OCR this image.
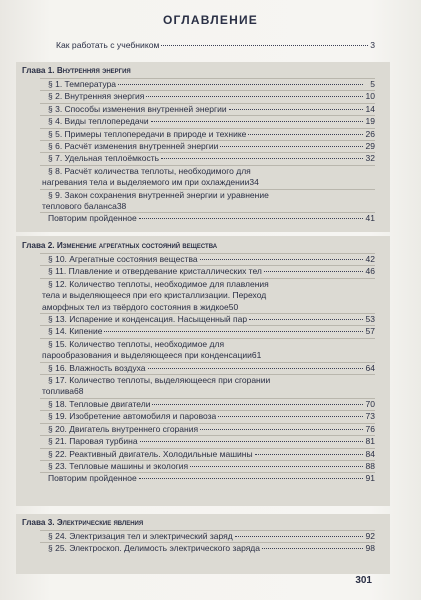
ОГЛАВЛЕНИЕ
Как работать с учебником	3
Глава 1. Внутренняя энергия
§ 1. Температура	5
§ 2. Внутренняя энергия	10
§ 3. Способы изменения внутренней энергии	14
§ 4. Виды теплопередачи	19
§ 5. Примеры теплопередачи в природе и технике	26
§ 6. Расчёт изменения внутренней энергии	29
§ 7. Удельная теплоёмкость	32
§ 8. Расчёт количества теплоты, необходимого для
нагревания тела и выделяемого им при охлаждении 34
§ 9. Закон сохранения внутренней энергии и уравнение
теплового баланса 38
Повторим пройденное	41
Глава 2. Изменение агрегатных состояний вещества
§ 10. Агрегатные состояния вещества	42
§ 11. Плавление и отвердевание кристаллических тел	46
§ 12. Количество теплоты, необходимое для плавления
тела и выделяющееся при его кристаллизации. Переход
аморфных тел из твёрдого состояния в жидкое 50
§ 13. Испарение и конденсация. Насыщенный пар	53
§ 14. Кипение	57
§ 15. Количество теплоты, необходимое для
парообразования и выделяющееся при конденсации 61
§ 16. Влажность воздуха	64
§ 17. Количество теплоты, выделяющееся при сгорании
топлива 68
§ 18. Тепловые двигатели	70
§ 19. Изобретение автомобиля и паровоза	73
§ 20. Двигатель внутреннего сгорания	76
§ 21. Паровая турбина	81
§ 22. Реактивный двигатель. Холодильные машины	84
§ 23. Тепловые машины и экология	88
Повторим пройденное	91
Глава 3. Электрические явления
§ 24. Электризация тел и электрический заряд	92
§ 25. Электроскоп. Делимость электрического заряда	98
301
